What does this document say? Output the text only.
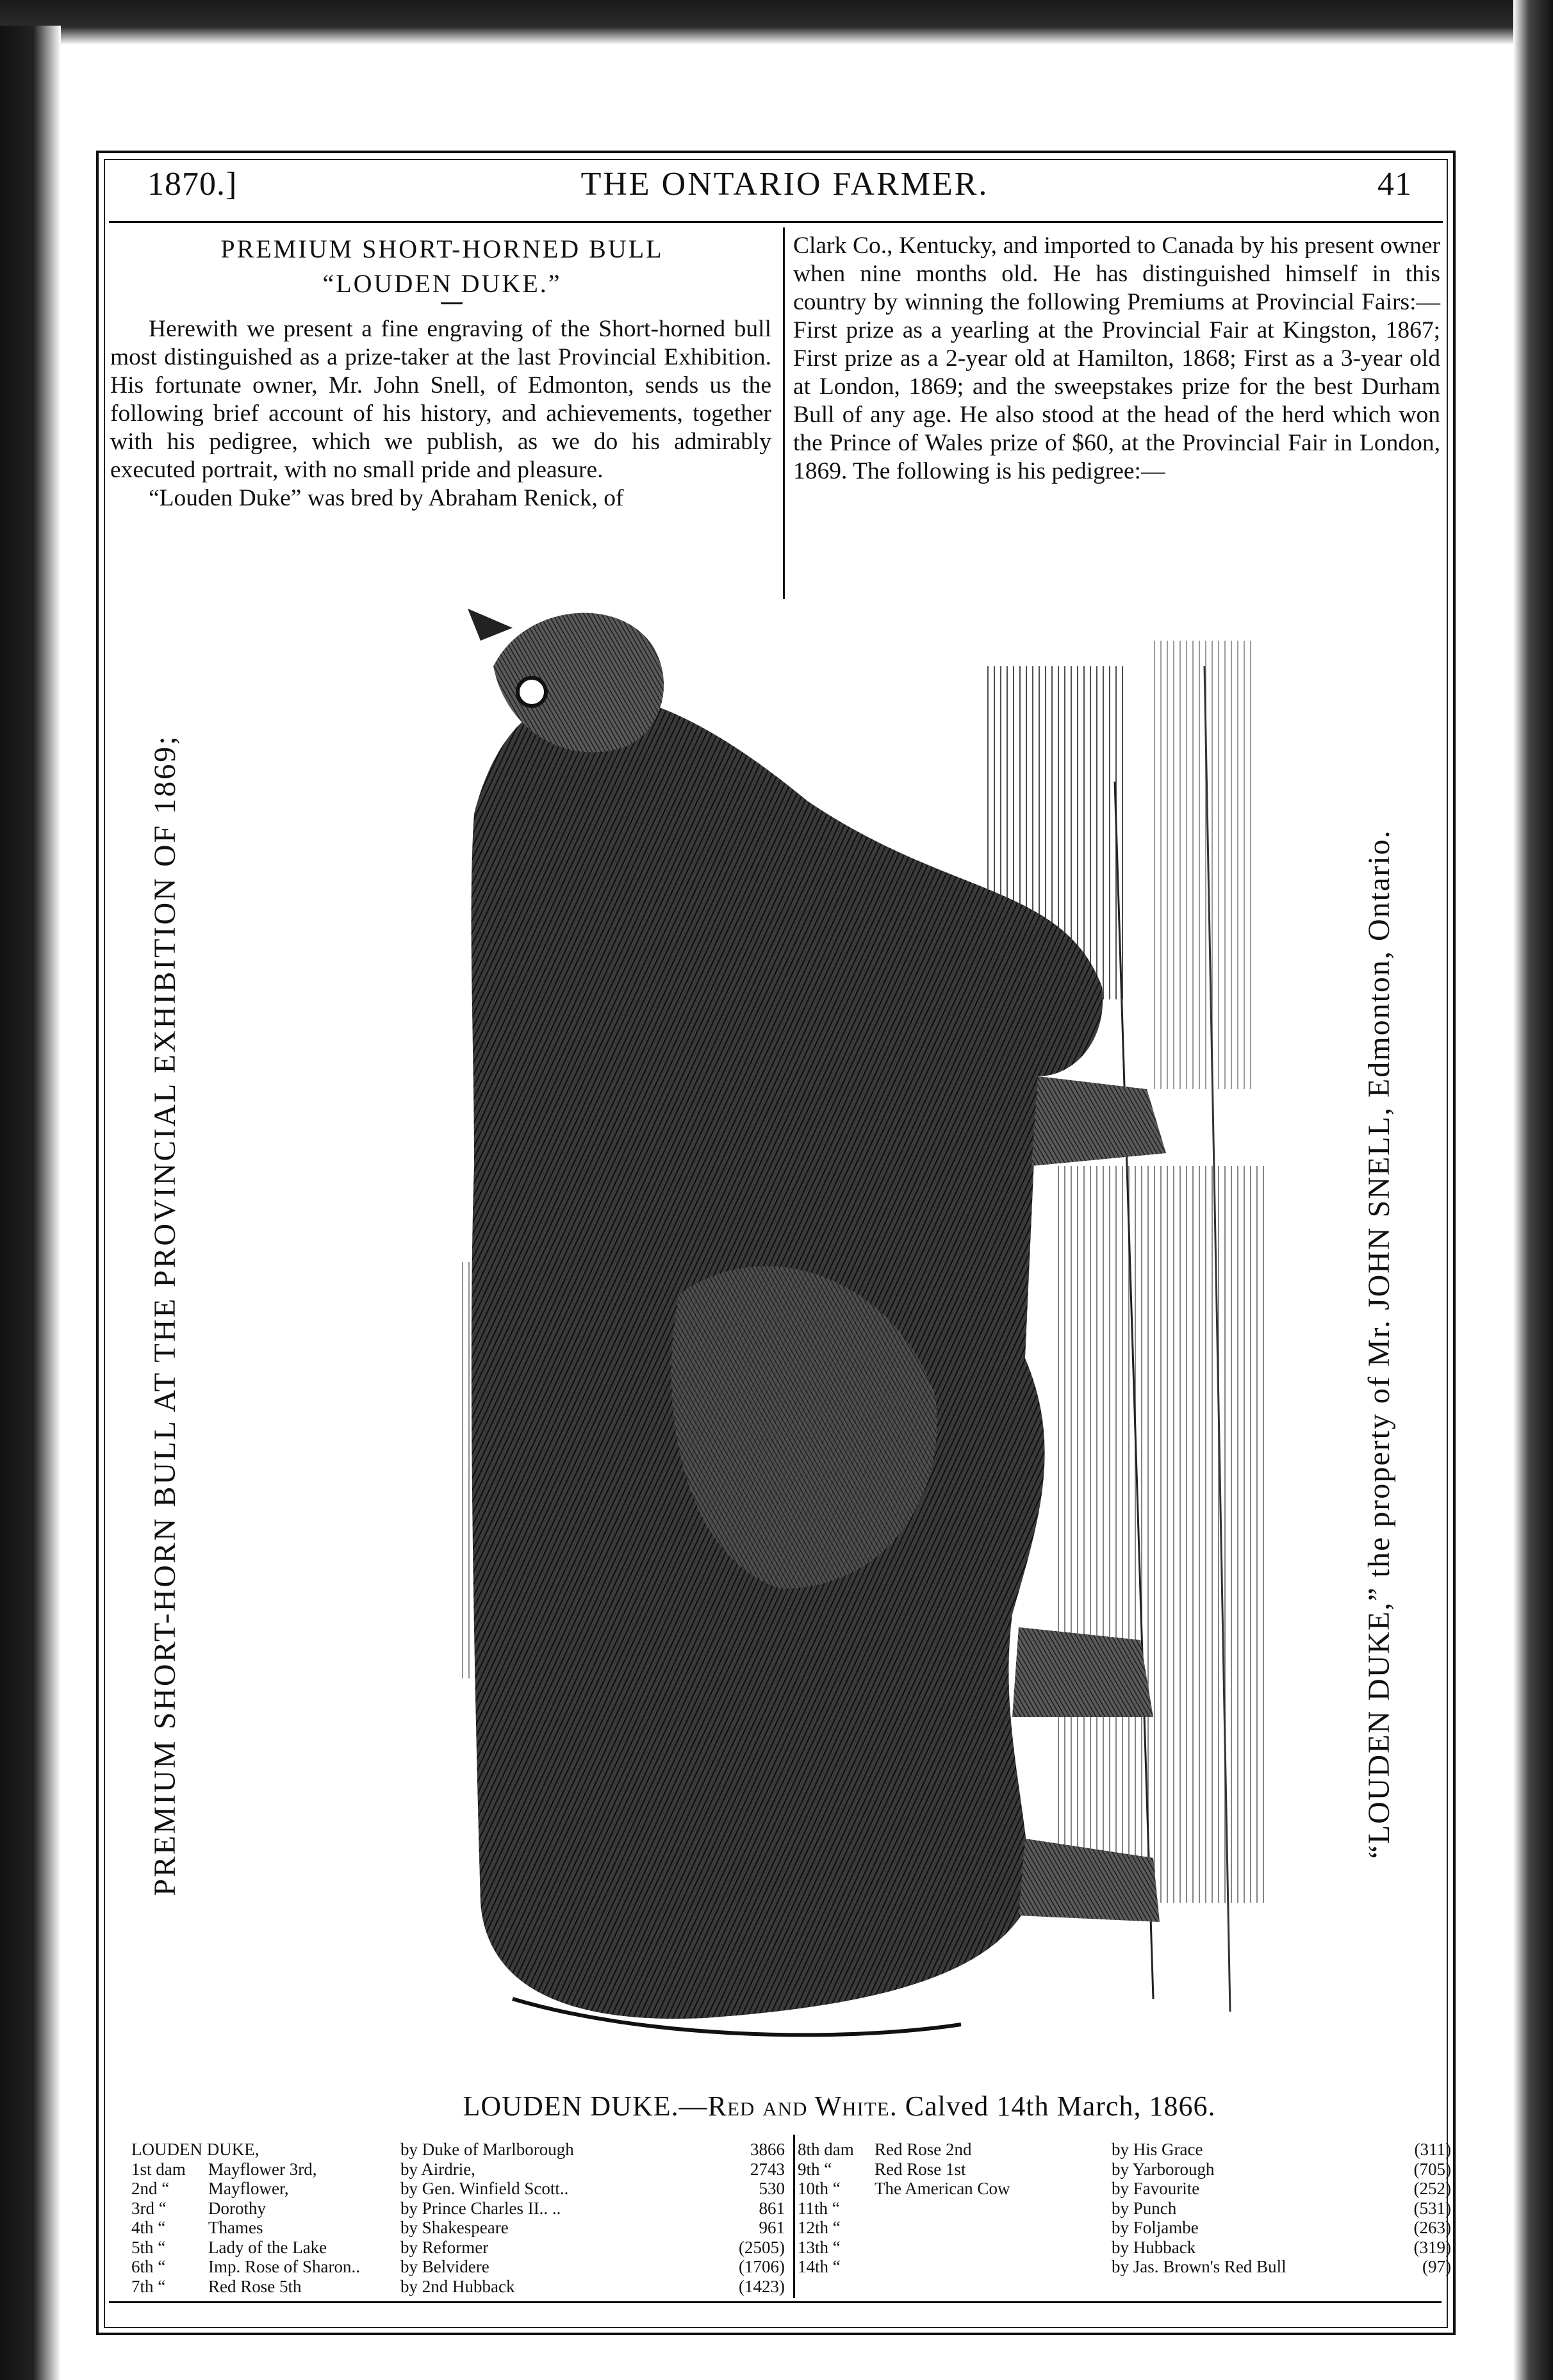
1870.]	THE ONTARIO FARMER.	41
PREMIUM SHORT-HORNED BULL
“LOUDEN DUKE.”

Herewith we present a fine engraving of the Short-horned bull most distinguished as a prize-taker at the last Provincial Exhibition. His fortunate owner, Mr. John Snell, of Edmonton, sends us the following brief account of his history, and achievements, together with his pedigree, which we publish, as we do his admirably executed portrait, with no small pride and pleasure.

“Louden Duke” was bred by Abraham Renick, of

Clark Co., Kentucky, and imported to Canada by his present owner when nine months old. He has distinguished himself in this country by winning the following Premiums at Provincial Fairs:—First prize as a yearling at the Provincial Fair at Kingston, 1867; First prize as a 2-year old at Hamilton, 1868; First as a 3-year old at London, 1869; and the sweepstakes prize for the best Durham Bull of any age. He also stood at the head of the herd which won the Prince of Wales prize of $60, at the Provincial Fair in London, 1869. The following is his pedigree:—

PREMIUM SHORT-HORN BULL AT THE PROVINCIAL EXHIBITION OF 1869;	“LOUDEN DUKE,” the property of Mr. JOHN SNELL, Edmonton, Ontario.
LOUDEN DUKE.—Red and White. Calved 14th March, 1866.
LOUDEN DUKE,		by Duke of Marlborough	3866
1st dam	Mayflower 3rd,	by Airdrie,	2743
2nd “	Mayflower,	by Gen. Winfield Scott..	530
3rd “	Dorothy	by Prince Charles II.. ..	861
4th “	Thames	by Shakespeare	961
5th “	Lady of the Lake	by Reformer	(2505)
6th “	Imp. Rose of Sharon..	by Belvidere	(1706)
7th “	Red Rose 5th	by 2nd Hubback	(1423)
8th dam	Red Rose 2nd	by His Grace	(311)
9th “	Red Rose 1st	by Yarborough	(705)
10th “	The American Cow	by Favourite	(252)
11th “		by Punch	(531)
12th “		by Foljambe	(263)
13th “		by Hubback	(319)
14th “		by Jas. Brown's Red Bull	(97)
